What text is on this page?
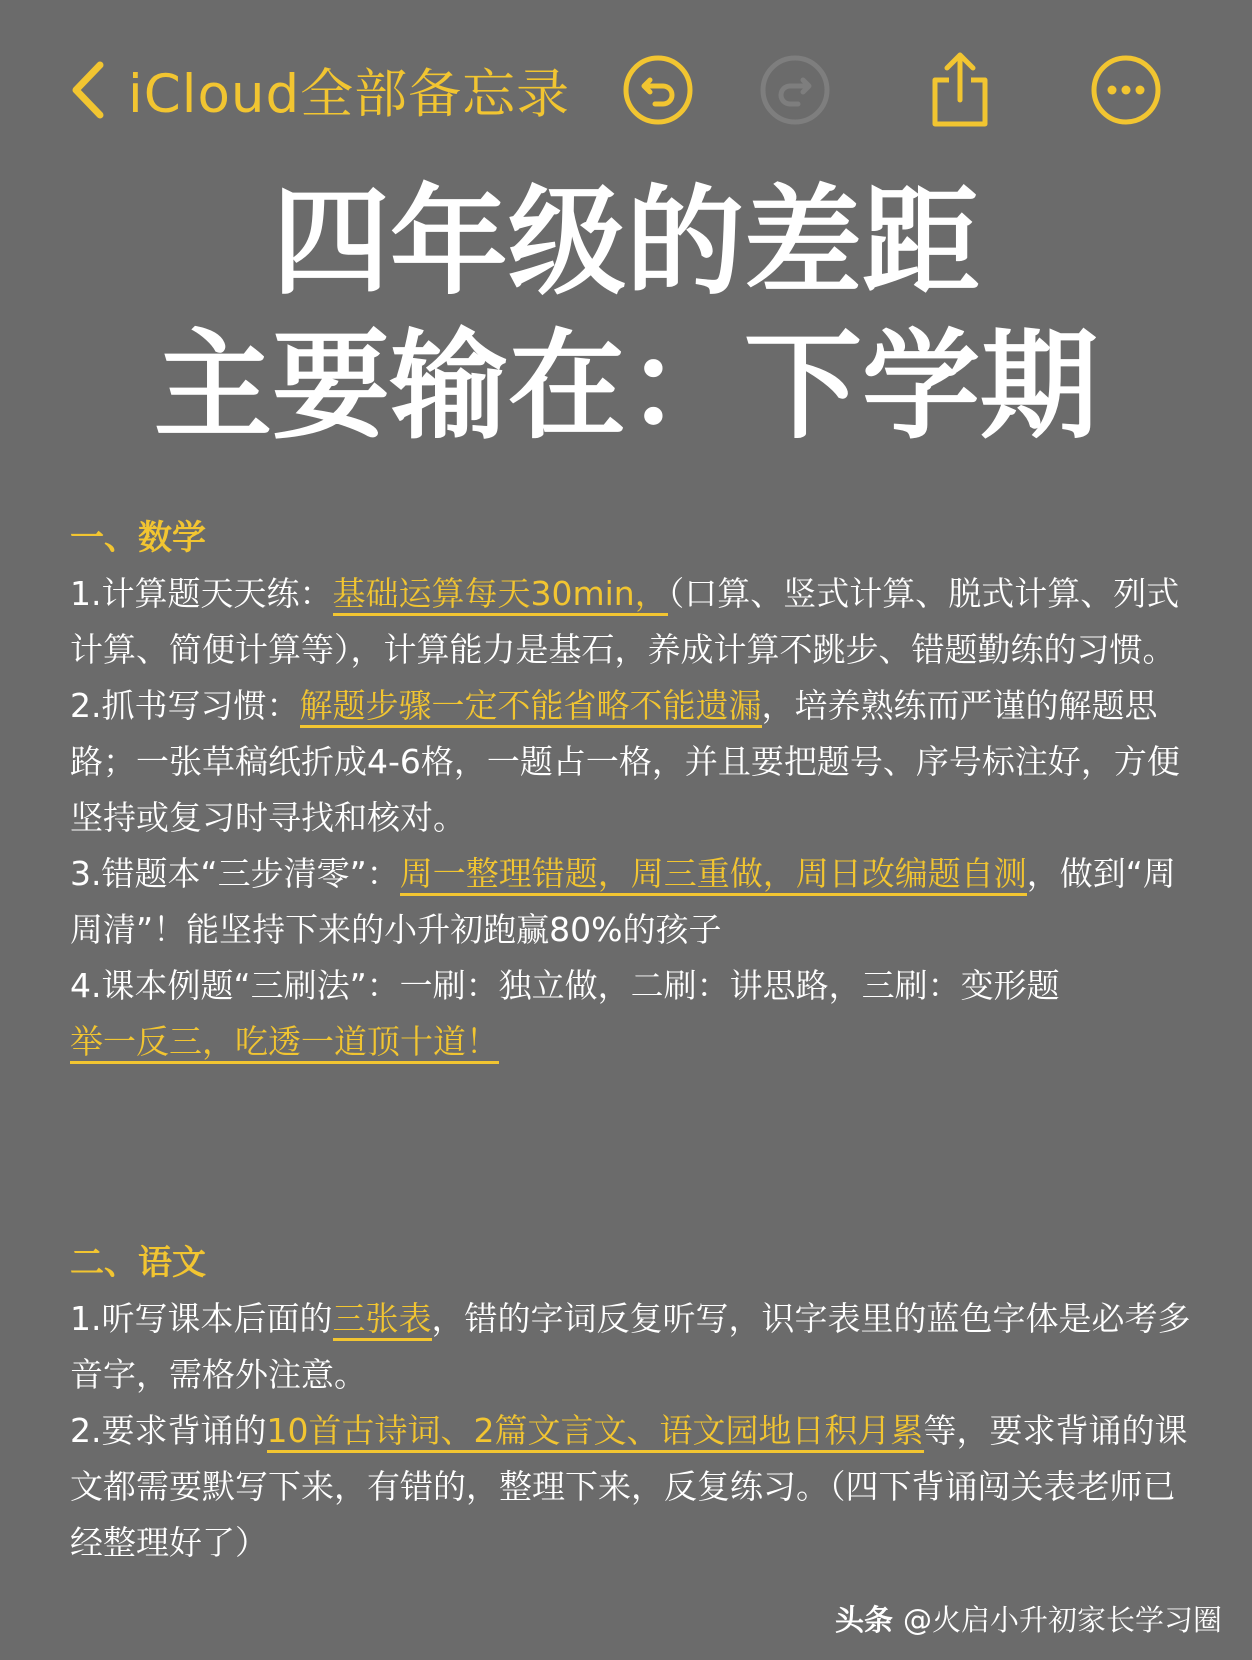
iCloud全部备忘录
四年级的差距
主要输在：下学期
一、数学

1.计算题天天练：基础运算每天30min，（口算、竖式计算、脱式计算、列式计算、简便计算等），计算能力是基石，养成计算不跳步、错题勤练的习惯。

2.抓书写习惯：解题步骤一定不能省略不能遗漏，培养熟练而严谨的解题思路；一张草稿纸折成4-6格，一题占一格，并且要把题号、序号标注好，方便坚持或复习时寻找和核对。

3.错题本“三步清零”：周一整理错题，周三重做，周日改编题自测，做到“周周清”！能坚持下来的小升初跑赢80%的孩子

4.课本例题“三刷法”：一刷：独立做，二刷：讲思路，三刷：变形题
举一反三，吃透一道顶十道！

二、语文

1.听写课本后面的三张表，错的字词反复听写，识字表里的蓝色字体是必考多音字，需格外注意。

2.要求背诵的10首古诗词、2篇文言文、语文园地日积月累等，要求背诵的课文都需要默写下来，有错的，整理下来，反复练习。（四下背诵闯关表老师已经整理好了）

头条 @火启小升初家长学习圈
